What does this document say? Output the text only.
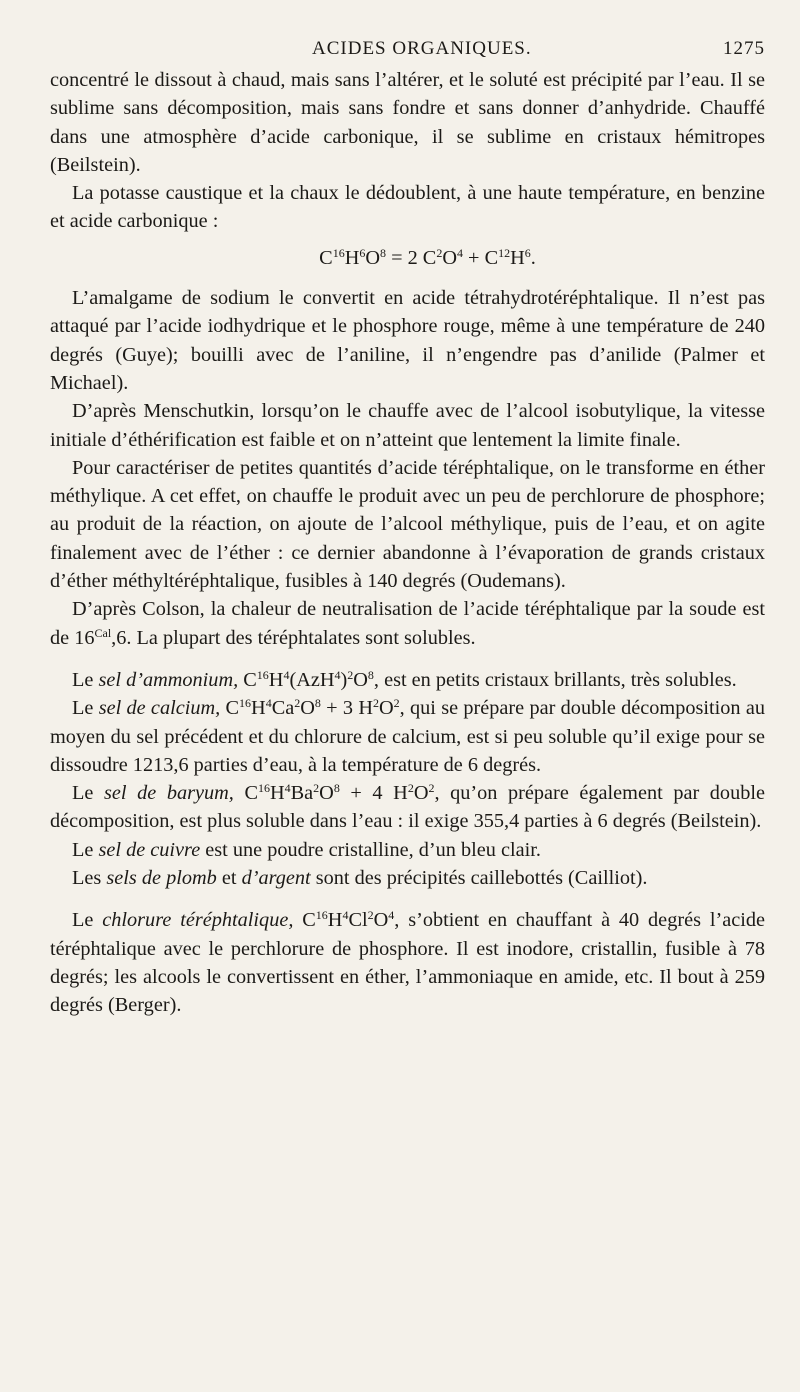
ACIDES ORGANIQUES.	1275

concentré le dissout à chaud, mais sans l’altérer, et le soluté est précipité par l’eau. Il se sublime sans décomposition, mais sans fondre et sans donner d’anhydride. Chauffé dans une atmosphère d’acide carbonique, il se sublime en cristaux hémitropes (Beilstein).

La potasse caustique et la chaux le dédoublent, à une haute température, en benzine et acide carbonique :

$C^{16}H^6O^8 = 2$ $C^2O^4 + C^{12}H^6$.

L’amalgame de sodium le convertit en acide tétrahydrotéréphtalique. Il n’est pas attaqué par l’acide iodhydrique et le phosphore rouge, même à une température de 240 degrés (Guye); bouilli avec de l’aniline, il n’engendre pas d’anilide (Palmer et Michael).

D’après Menschutkin, lorsqu’on le chauffe avec de l’alcool isobutylique, la vitesse initiale d’éthérification est faible et on n’atteint que lentement la limite finale.

Pour caractériser de petites quantités d’acide téréphtalique, on le transforme en éther méthylique. A cet effet, on chauffe le produit avec un peu de perchlorure de phosphore; au produit de la réaction, on ajoute de l’alcool méthylique, puis de l’eau, et on agite finalement avec de l’éther : ce dernier abandonne à l’évaporation de grands cristaux d’éther méthyltéréphtalique, fusibles à 140 degrés (Oudemans).

D’après Colson, la chaleur de neutralisation de l’acide téréphtalique par la soude est de $16^{Cal},6$. La plupart des téréphtalates sont solubles.

Le sel d’ammonium, $C^{16}H^4(AzH^4)^2O^8$, est en petits cristaux brillants, très solubles.

Le sel de calcium, $C^{16}H^4Ca^2O^8 + 3$ $H^2O^2$, qui se prépare par double décomposition au moyen du sel précédent et du chlorure de calcium, est si peu soluble qu’il exige pour se dissoudre 1213,6 parties d’eau, à la température de 6 degrés.

Le sel de baryum, $C^{16}H^4Ba^2O^8 + 4$ $H^2O^2$, qu’on prépare également par double décomposition, est plus soluble dans l’eau : il exige 355,4 parties à 6 degrés (Beilstein).

Le sel de cuivre est une poudre cristalline, d’un bleu clair.

Les sels de plomb et d’argent sont des précipités caillebottés (Cailliot).

Le chlorure téréphtalique, $C^{16}H^4Cl^2O^4$, s’obtient en chauffant à 40 degrés l’acide téréphtalique avec le perchlorure de phosphore. Il est inodore, cristallin, fusible à 78 degrés; les alcools le convertissent en éther, l’ammoniaque en amide, etc. Il bout à 259 degrés (Berger).
